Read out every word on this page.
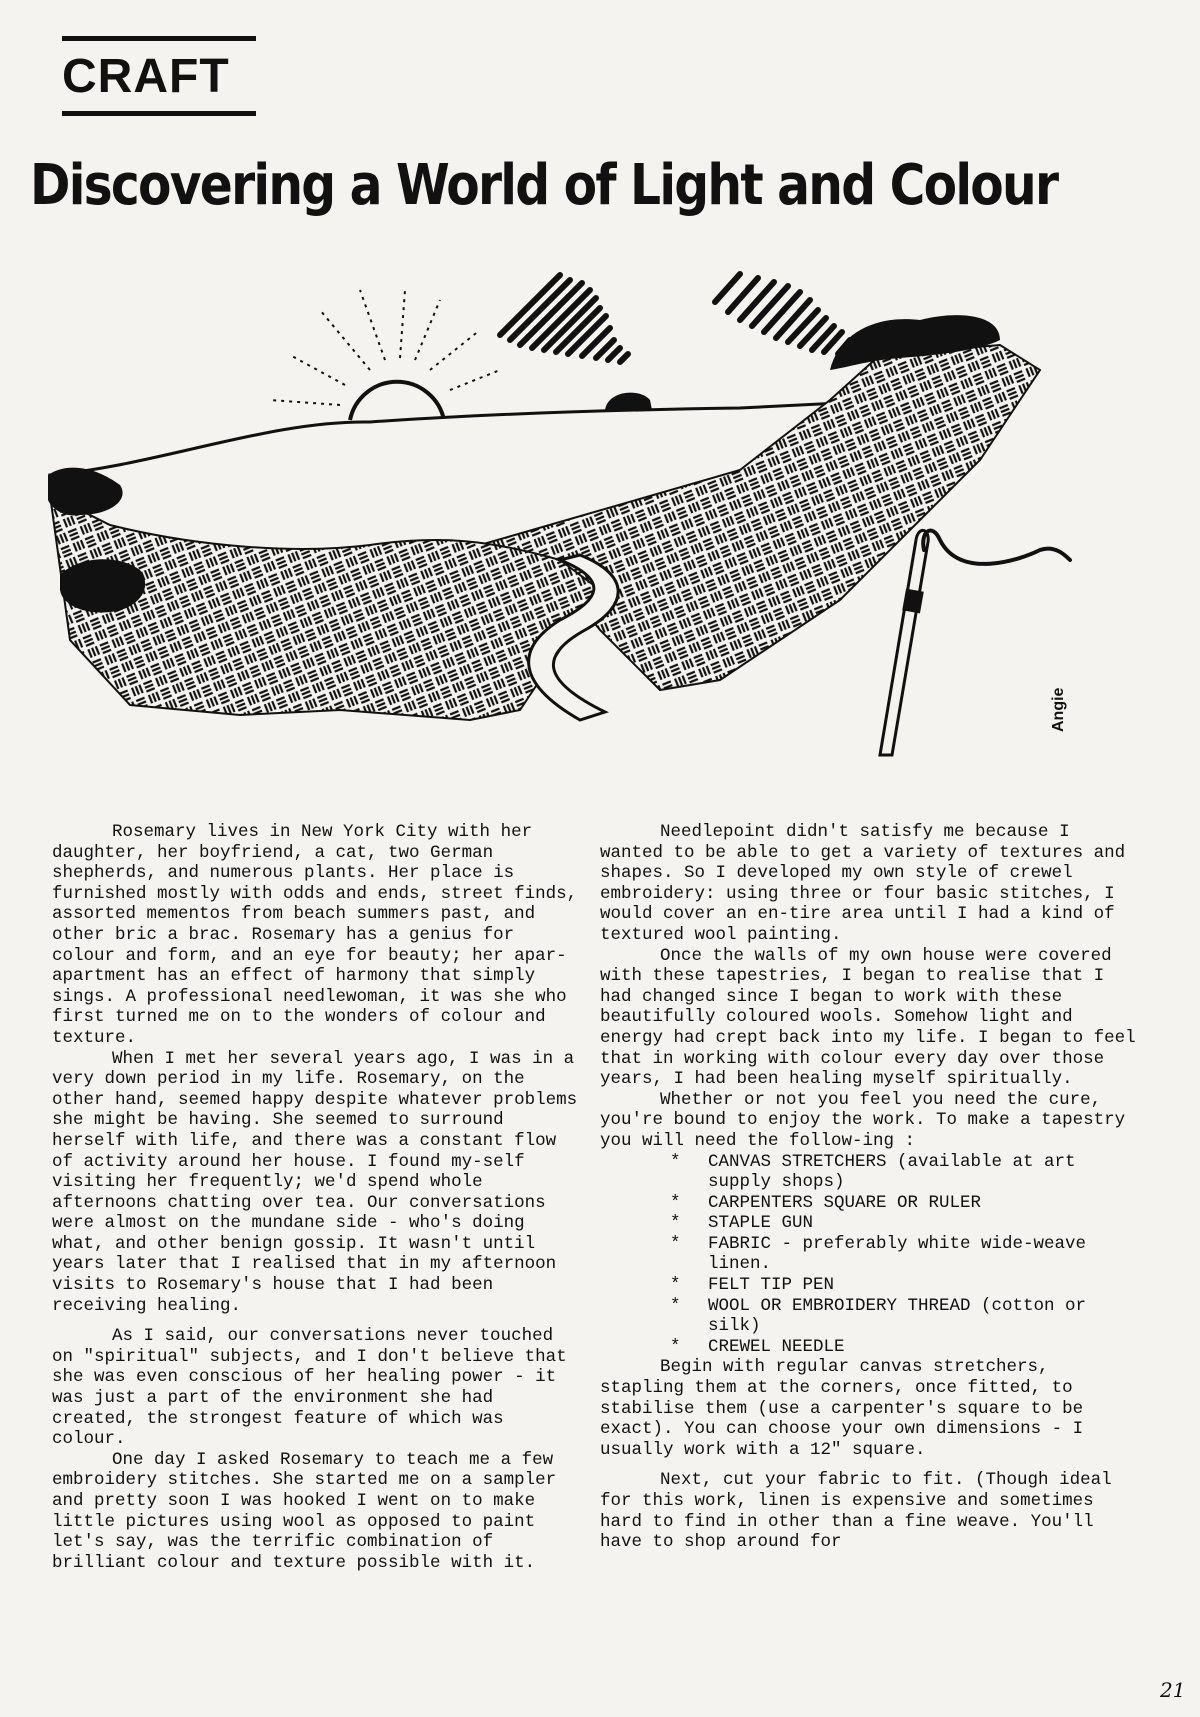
CRAFT
Discovering a World of Light and Colour
Angie

Rosemary lives in New York City with her daughter, her boyfriend, a cat, two German shepherds, and numerous plants. Her place is furnished mostly with odds and ends, street finds, assorted mementos from beach summers past, and other bric a brac. Rosemary has a genius for colour and form, and an eye for beauty; her apar-apartment has an effect of harmony that simply sings. A professional needlewoman, it was she who first turned me on to the wonders of colour and texture.

When I met her several years ago, I was in a very down period in my life. Rosemary, on the other hand, seemed happy despite whatever problems she might be having. She seemed to surround herself with life, and there was a constant flow of activity around her house. I found my-self visiting her frequently; we'd spend whole afternoons chatting over tea. Our conversations were almost on the mundane side - who's doing what, and other benign gossip. It wasn't until years later that I realised that in my afternoon visits to Rosemary's house that I had been receiving healing.

As I said, our conversations never touched on "spiritual" subjects, and I don't believe that she was even conscious of her healing power - it was just a part of the environment she had created, the strongest feature of which was colour.

One day I asked Rosemary to teach me a few embroidery stitches. She started me on a sampler and pretty soon I was hooked I went on to make little pictures using wool as opposed to paint let's say, was the terrific combination of brilliant colour and texture possible with it.

Needlepoint didn't satisfy me because I wanted to be able to get a variety of textures and shapes. So I developed my own style of crewel embroidery: using three or four basic stitches, I would cover an en-tire area until I had a kind of textured wool painting.

Once the walls of my own house were covered with these tapestries, I began to realise that I had changed since I began to work with these beautifully coloured wools. Somehow light and energy had crept back into my life. I began to feel that in working with colour every day over those years, I had been healing myself spiritually.

Whether or not you feel you need the cure, you're bound to enjoy the work. To make a tapestry you will need the follow-ing :

* CANVAS STRETCHERS (available at art supply shops)
* CARPENTERS SQUARE OR RULER
* STAPLE GUN
* FABRIC - preferably white wide-weave linen.
* FELT TIP PEN
* WOOL OR EMBROIDERY THREAD (cotton or silk)
* CREWEL NEEDLE

Begin with regular canvas stretchers, stapling them at the corners, once fitted, to stabilise them (use a carpenter's square to be exact). You can choose your own dimensions - I usually work with a 12" square.

Next, cut your fabric to fit. (Though ideal for this work, linen is expensive and sometimes hard to find in other than a fine weave. You'll have to shop around for

21
